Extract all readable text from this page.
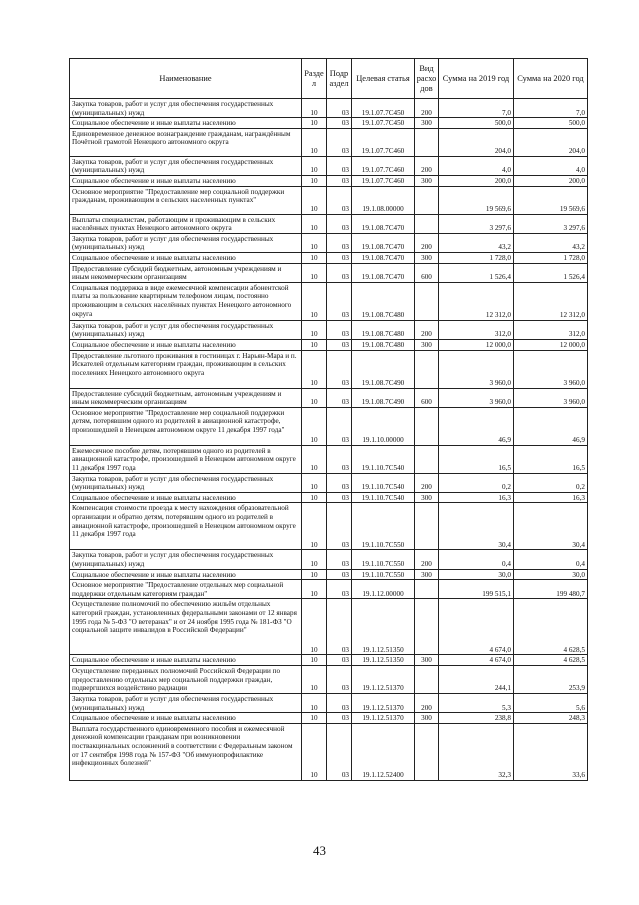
Наименование	Разде л	Подр аздел	Целевая статья	Вид расхо дов	Сумма на 2019 год	Сумма на 2020 год
Закупка товаров, работ и услуг для обеспечения государственных (муниципальных) нужд	10	03	19.1.07.7С450	200	7,0	7,0
Социальное обеспечение и иные выплаты населению	10	03	19.1.07.7С450	300	500,0	500,0
Единовременное денежное вознаграждение гражданам, награждённым Почётной грамотой Ненецкого автономного округа	10	03	19.1.07.7С460		204,0	204,0
Закупка товаров, работ и услуг для обеспечения государственных (муниципальных) нужд	10	03	19.1.07.7С460	200	4,0	4,0
Социальное обеспечение и иные выплаты населению	10	03	19.1.07.7С460	300	200,0	200,0
Основное мероприятие "Предоставление мер социальной поддержки гражданам, проживающим в сельских населенных пунктах"	10	03	19.1.08.00000		19 569,6	19 569,6
Выплаты специалистам, работающим и проживающим в сельских населённых пунктах Ненецкого автономного округа	10	03	19.1.08.7С470		3 297,6	3 297,6
Закупка товаров, работ и услуг для обеспечения государственных (муниципальных) нужд	10	03	19.1.08.7С470	200	43,2	43,2
Социальное обеспечение и иные выплаты населению	10	03	19.1.08.7С470	300	1 728,0	1 728,0
Предоставление субсидий бюджетным, автономным учреждениям и иным некоммерческим организациям	10	03	19.1.08.7С470	600	1 526,4	1 526,4
Социальная поддержка в виде ежемесячной компенсации абонентской платы за пользование квартирным телефоном лицам, постоянно проживающим в сельских населённых пунктах Ненецкого автономного округа	10	03	19.1.08.7С480		12 312,0	12 312,0
Закупка товаров, работ и услуг для обеспечения государственных (муниципальных) нужд	10	03	19.1.08.7С480	200	312,0	312,0
Социальное обеспечение и иные выплаты населению	10	03	19.1.08.7С480	300	12 000,0	12 000,0
Предоставление льготного проживания в гостиницах г. Нарьян-Мара и п. Искателей отдельным категориям граждан, проживающим в сельских поселениях Ненецкого автономного округа	10	03	19.1.08.7С490		3 960,0	3 960,0
Предоставление субсидий бюджетным, автономным учреждениям и иным некоммерческим организациям	10	03	19.1.08.7С490	600	3 960,0	3 960,0
Основное мероприятие "Предоставление мер социальной поддержки детям, потерявшим одного из родителей в авиационной катастрофе, произошедшей в Ненецком автономном округе 11 декабря 1997 года"	10	03	19.1.10.00000		46,9	46,9
Ежемесячное пособие детям, потерявшим одного из родителей в авиационной катастрофе, произошедшей в Ненецком автономном округе 11 декабря 1997 года	10	03	19.1.10.7С540		16,5	16,5
Закупка товаров, работ и услуг для обеспечения государственных (муниципальных) нужд	10	03	19.1.10.7С540	200	0,2	0,2
Социальное обеспечение и иные выплаты населению	10	03	19.1.10.7С540	300	16,3	16,3
Компенсация стоимости проезда к месту нахождения образовательной организации и обратно детям, потерявшим одного из родителей в авиационной катастрофе, произошедшей в Ненецком автономном округе 11 декабря 1997 года	10	03	19.1.10.7С550		30,4	30,4
Закупка товаров, работ и услуг для обеспечения государственных (муниципальных) нужд	10	03	19.1.10.7С550	200	0,4	0,4
Социальное обеспечение и иные выплаты населению	10	03	19.1.10.7С550	300	30,0	30,0
Основное мероприятие "Предоставление отдельных мер социальной поддержки отдельным категориям граждан"	10	03	19.1.12.00000		199 515,1	199 480,7
Осуществление полномочий по обеспечению жильём отдельных категорий граждан, установленных федеральными законами от 12 января 1995 года № 5-ФЗ "О ветеранах" и от 24 ноября 1995 года № 181-ФЗ "О социальной защите инвалидов в Российской Федерации"	10	03	19.1.12.51350		4 674,0	4 628,5
Социальное обеспечение и иные выплаты населению	10	03	19.1.12.51350	300	4 674,0	4 628,5
Осуществление переданных полномочий Российской Федерации по предоставлению отдельных мер социальной поддержки граждан, подвергшихся воздействию радиации	10	03	19.1.12.51370		244,1	253,9
Закупка товаров, работ и услуг для обеспечения государственных (муниципальных) нужд	10	03	19.1.12.51370	200	5,3	5,6
Социальное обеспечение и иные выплаты населению	10	03	19.1.12.51370	300	238,8	248,3
Выплата государственного единовременного пособия и ежемесячной денежной компенсации гражданам при возникновении поствакцинальных осложнений в соответствии с Федеральным законом от 17 сентября 1998 года № 157-ФЗ "Об иммунопрофилактике инфекционных болезней"	10	03	19.1.12.52400		32,3	33,6
43
